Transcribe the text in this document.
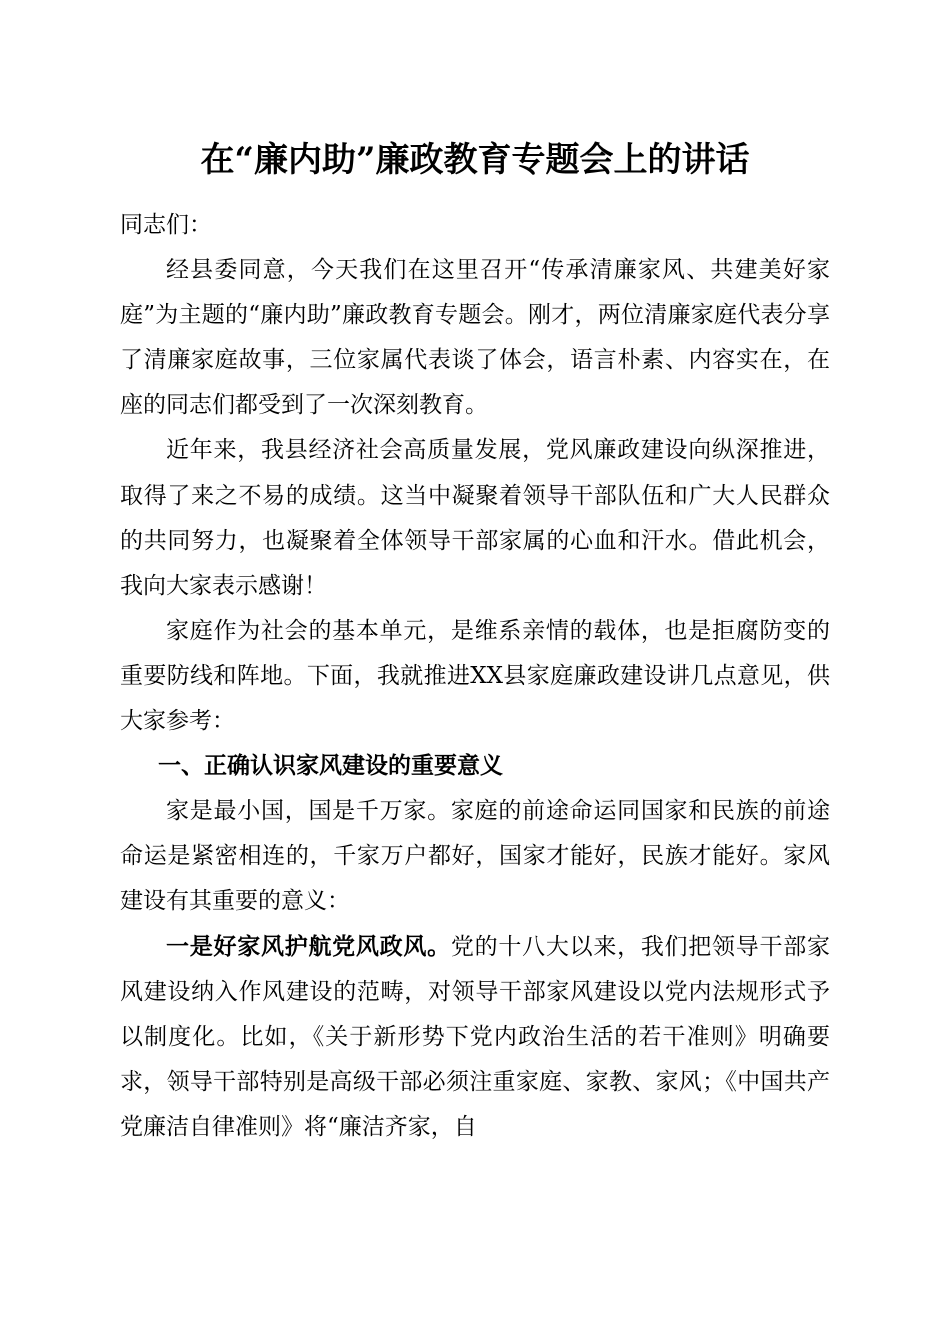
在“廉内助”廉政教育专题会上的讲话

同志们：

经县委同意，今天我们在这里召开“传承清廉家风、共建美好家庭”为主题的“廉内助”廉政教育专题会。刚才，两位清廉家庭代表分享了清廉家庭故事，三位家属代表谈了体会，语言朴素、内容实在，在座的同志们都受到了一次深刻教育。

近年来，我县经济社会高质量发展，党风廉政建设向纵深推进，取得了来之不易的成绩。这当中凝聚着领导干部队伍和广大人民群众的共同努力，也凝聚着全体领导干部家属的心血和汗水。借此机会，我向大家表示感谢！

家庭作为社会的基本单元，是维系亲情的载体，也是拒腐防变的重要防线和阵地。下面，我就推进XX县家庭廉政建设讲几点意见，供大家参考：

一、正确认识家风建设的重要意义

家是最小国，国是千万家。家庭的前途命运同国家和民族的前途命运是紧密相连的，千家万户都好，国家才能好，民族才能好。家风建设有其重要的意义：

一是好家风护航党风政风。党的十八大以来，我们把领导干部家风建设纳入作风建设的范畴，对领导干部家风建设以党内法规形式予以制度化。比如，《关于新形势下党内政治生活的若干准则》明确要求，领导干部特别是高级干部必须注重家庭、家教、家风；《中国共产党廉洁自律准则》将“廉洁齐家，自
